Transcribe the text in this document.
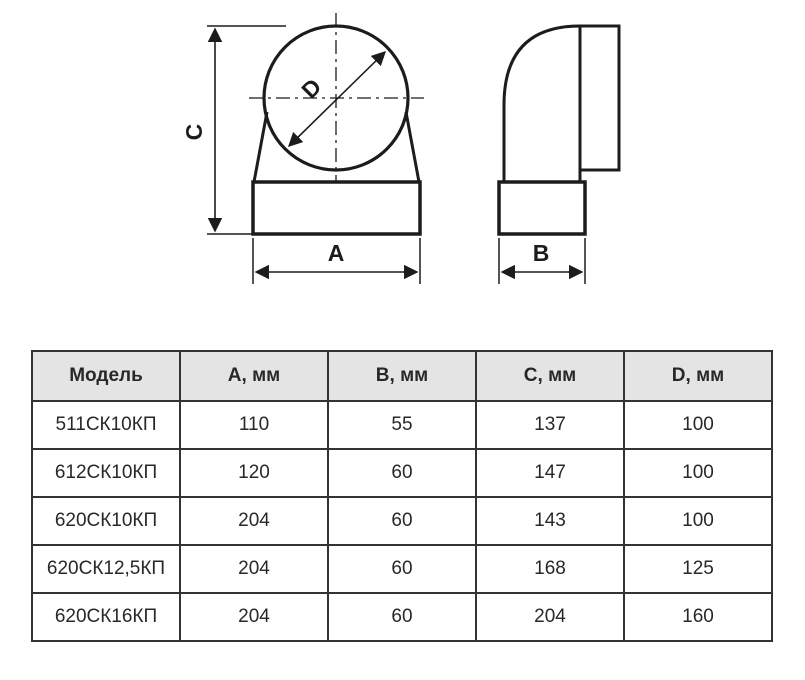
C
A
D
B
Модель	А, мм	В, мм	С, мм	D, мм
511СК10КП	110	55	137	100
612СК10КП	120	60	147	100
620СК10КП	204	60	143	100
620СК12,5КП	204	60	168	125
620СК16КП	204	60	204	160
